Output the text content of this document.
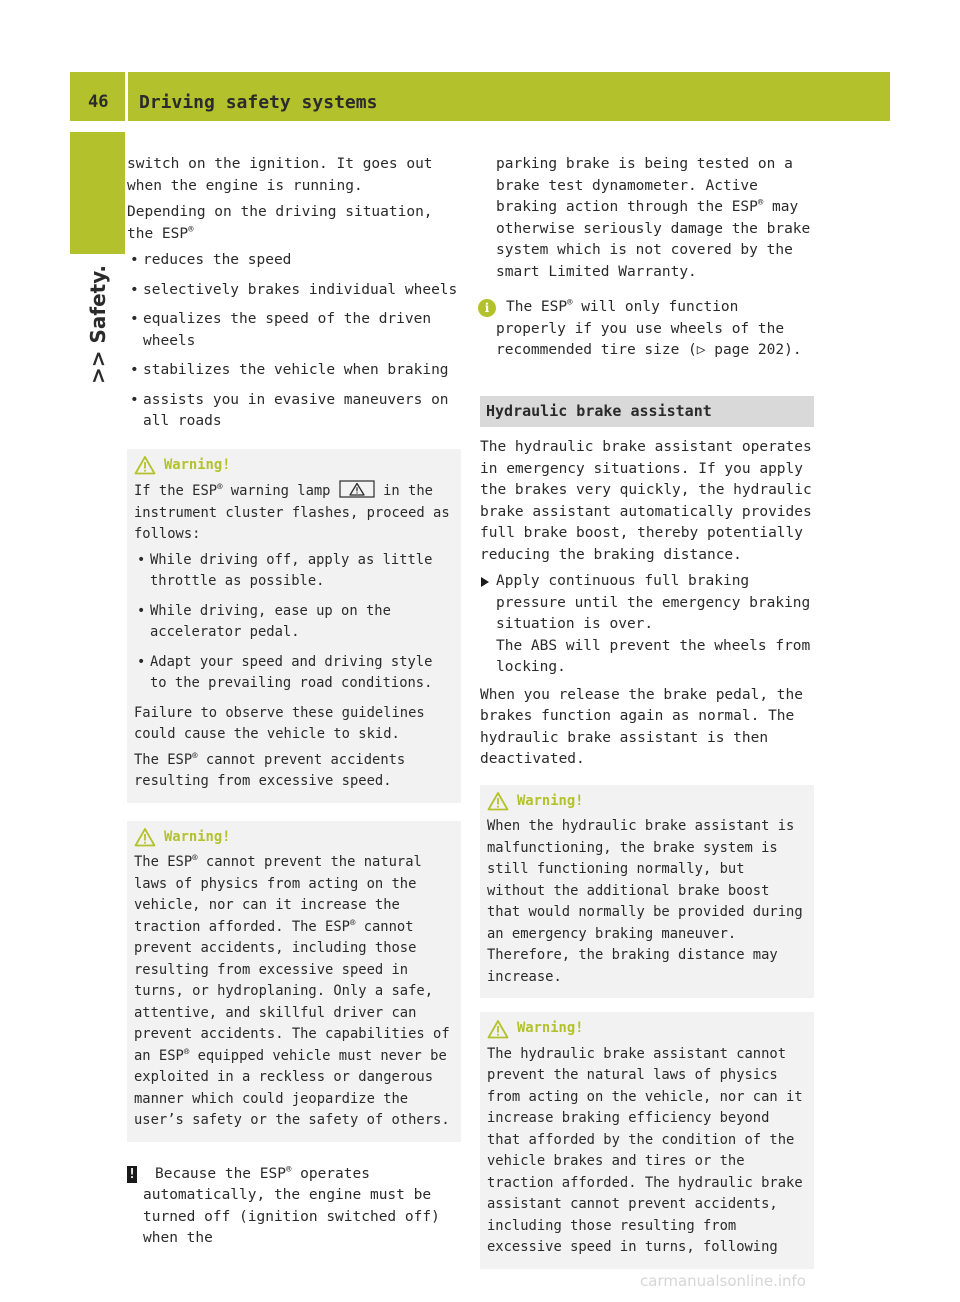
46 Driving safety systems
>> Safety.

switch on the ignition. It goes out when the engine is running.

Depending on the driving situation, the ESP®

• reduces the speed
• selectively brakes individual wheels
• equalizes the speed of the driven wheels
• stabilizes the vehicle when braking
• assists you in evasive maneuvers on all roads
Warning!

If the ESP® warning lamp	in the instrument cluster flashes, proceed as follows:

• While driving off, apply as little throttle as possible.
• While driving, ease up on the accelerator pedal.
• Adapt your speed and driving style to the prevailing road conditions.

Failure to observe these guidelines could cause the vehicle to skid.

The ESP® cannot prevent accidents resulting from excessive speed.

Warning!

The ESP® cannot prevent the natural laws of physics from acting on the vehicle, nor can it increase the traction afforded. The ESP® cannot prevent accidents, including those resulting from excessive speed in turns, or hydroplaning. Only a safe, attentive, and skillful driver can prevent accidents. The capabilities of an ESP® equipped vehicle must never be exploited in a reckless or dangerous manner which could jeopardize the user’s safety or the safety of others.

! Because the ESP® operates automatically, the engine must be turned off (ignition switched off) when the

parking brake is being tested on a brake test dynamometer. Active braking action through the ESP® may otherwise seriously damage the brake system which is not covered by the smart Limited Warranty.

i	The ESP® will only function properly if you use wheels of the recommended tire size (▷ page 202).
Hydraulic brake assistant

The hydraulic brake assistant operates in emergency situations. If you apply the brakes very quickly, the hydraulic brake assistant automatically provides full brake boost, thereby potentially reducing the braking distance.

Apply continuous full braking pressure until the emergency braking situation is over.

The ABS will prevent the wheels from locking.

When you release the brake pedal, the brakes function again as normal. The hydraulic brake assistant is then deactivated.

Warning!

When the hydraulic brake assistant is malfunctioning, the brake system is still functioning normally, but without the additional brake boost that would normally be provided during an emergency braking maneuver. Therefore, the braking distance may increase.

Warning!

The hydraulic brake assistant cannot prevent the natural laws of physics from acting on the vehicle, nor can it increase braking efficiency beyond that afforded by the condition of the vehicle brakes and tires or the traction afforded. The hydraulic brake assistant cannot prevent accidents, including those resulting from excessive speed in turns, following

carmanualsonline.info
